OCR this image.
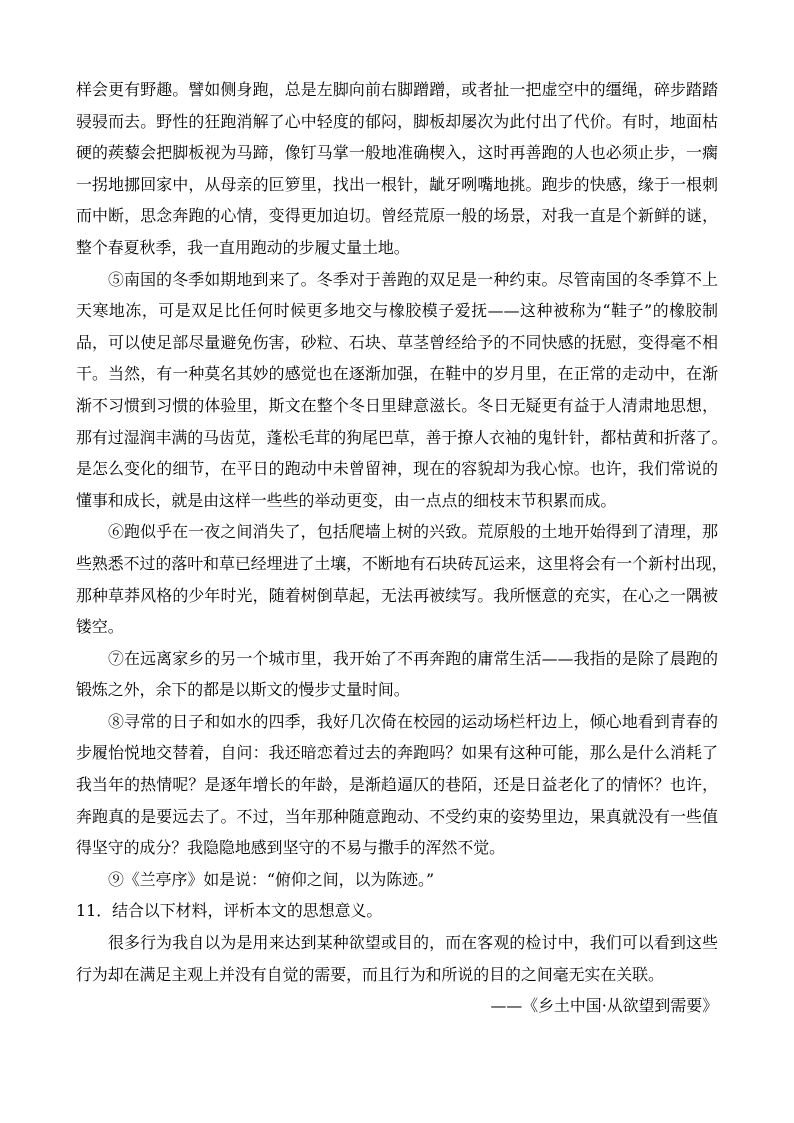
样会更有野趣。譬如侧身跑，总是左脚向前右脚蹭蹭，或者扯一把虚空中的缰绳，碎步踏踏
骎骎而去。野性的狂跑消解了心中轻度的郁闷，脚板却屡次为此付出了代价。有时，地面枯
硬的蒺藜会把脚板视为马蹄，像钉马掌一般地准确楔入，这时再善跑的人也必须止步，一瘸
一拐地挪回家中，从母亲的叵箩里，找出一根针，龇牙咧嘴地挑。跑步的快感，缘于一根刺
而中断，思念奔跑的心情，变得更加迫切。曾经荒原一般的场景，对我一直是个新鲜的谜，
整个春夏秋季，我一直用跑动的步履丈量土地。
⑤南国的冬季如期地到来了。冬季对于善跑的双足是一种约束。尽管南国的冬季算不上
天寒地冻，可是双足比任何时候更多地交与橡胶模子爱抚——这种被称为“鞋子”的橡胶制
品，可以使足部尽量避免伤害，砂粒、石块、草茎曾经给予的不同快感的抚慰，变得毫不相
干。当然，有一种莫名其妙的感觉也在逐渐加强，在鞋中的岁月里，在正常的走动中，在渐
渐不习惯到习惯的体验里，斯文在整个冬日里肆意滋长。冬日无疑更有益于人清肃地思想，
那有过湿润丰满的马齿苋，蓬松毛茸的狗尾巴草，善于撩人衣袖的鬼针针，都枯黄和折落了。
是怎么变化的细节，在平日的跑动中未曾留神，现在的容貌却为我心惊。也许，我们常说的
懂事和成长，就是由这样一些些的举动更变，由一点点的细枝末节积累而成。
⑥跑似乎在一夜之间消失了，包括爬墙上树的兴致。荒原般的土地开始得到了清理，那
些熟悉不过的落叶和草已经埋进了土壤，不断地有石块砖瓦运来，这里将会有一个新村出现，
那种草莽风格的少年时光，随着树倒草起，无法再被续写。我所惬意的充实，在心之一隅被
镂空。
⑦在远离家乡的另一个城市里，我开始了不再奔跑的庸常生活——我指的是除了晨跑的
锻炼之外，余下的都是以斯文的慢步丈量时间。
⑧寻常的日子和如水的四季，我好几次倚在校园的运动场栏杆边上，倾心地看到青春的
步履怡悦地交替着，自问：我还暗恋着过去的奔跑吗？如果有这种可能，那么是什么消耗了
我当年的热情呢？是逐年增长的年龄，是渐趋逼仄的巷陌，还是日益老化了的情怀？也许，
奔跑真的是要远去了。不过，当年那种随意跑动、不受约束的姿势里边，果真就没有一些值
得坚守的成分？我隐隐地感到坚守的不易与撒手的浑然不觉。
⑨《兰亭序》如是说：“俯仰之间，以为陈迹。”
11．结合以下材料，评析本文的思想意义。
很多行为我自以为是用来达到某种欲望或目的，而在客观的检讨中，我们可以看到这些
行为却在满足主观上并没有自觉的需要，而且行为和所说的目的之间毫无实在关联。
——《乡土中国·从欲望到需要》
